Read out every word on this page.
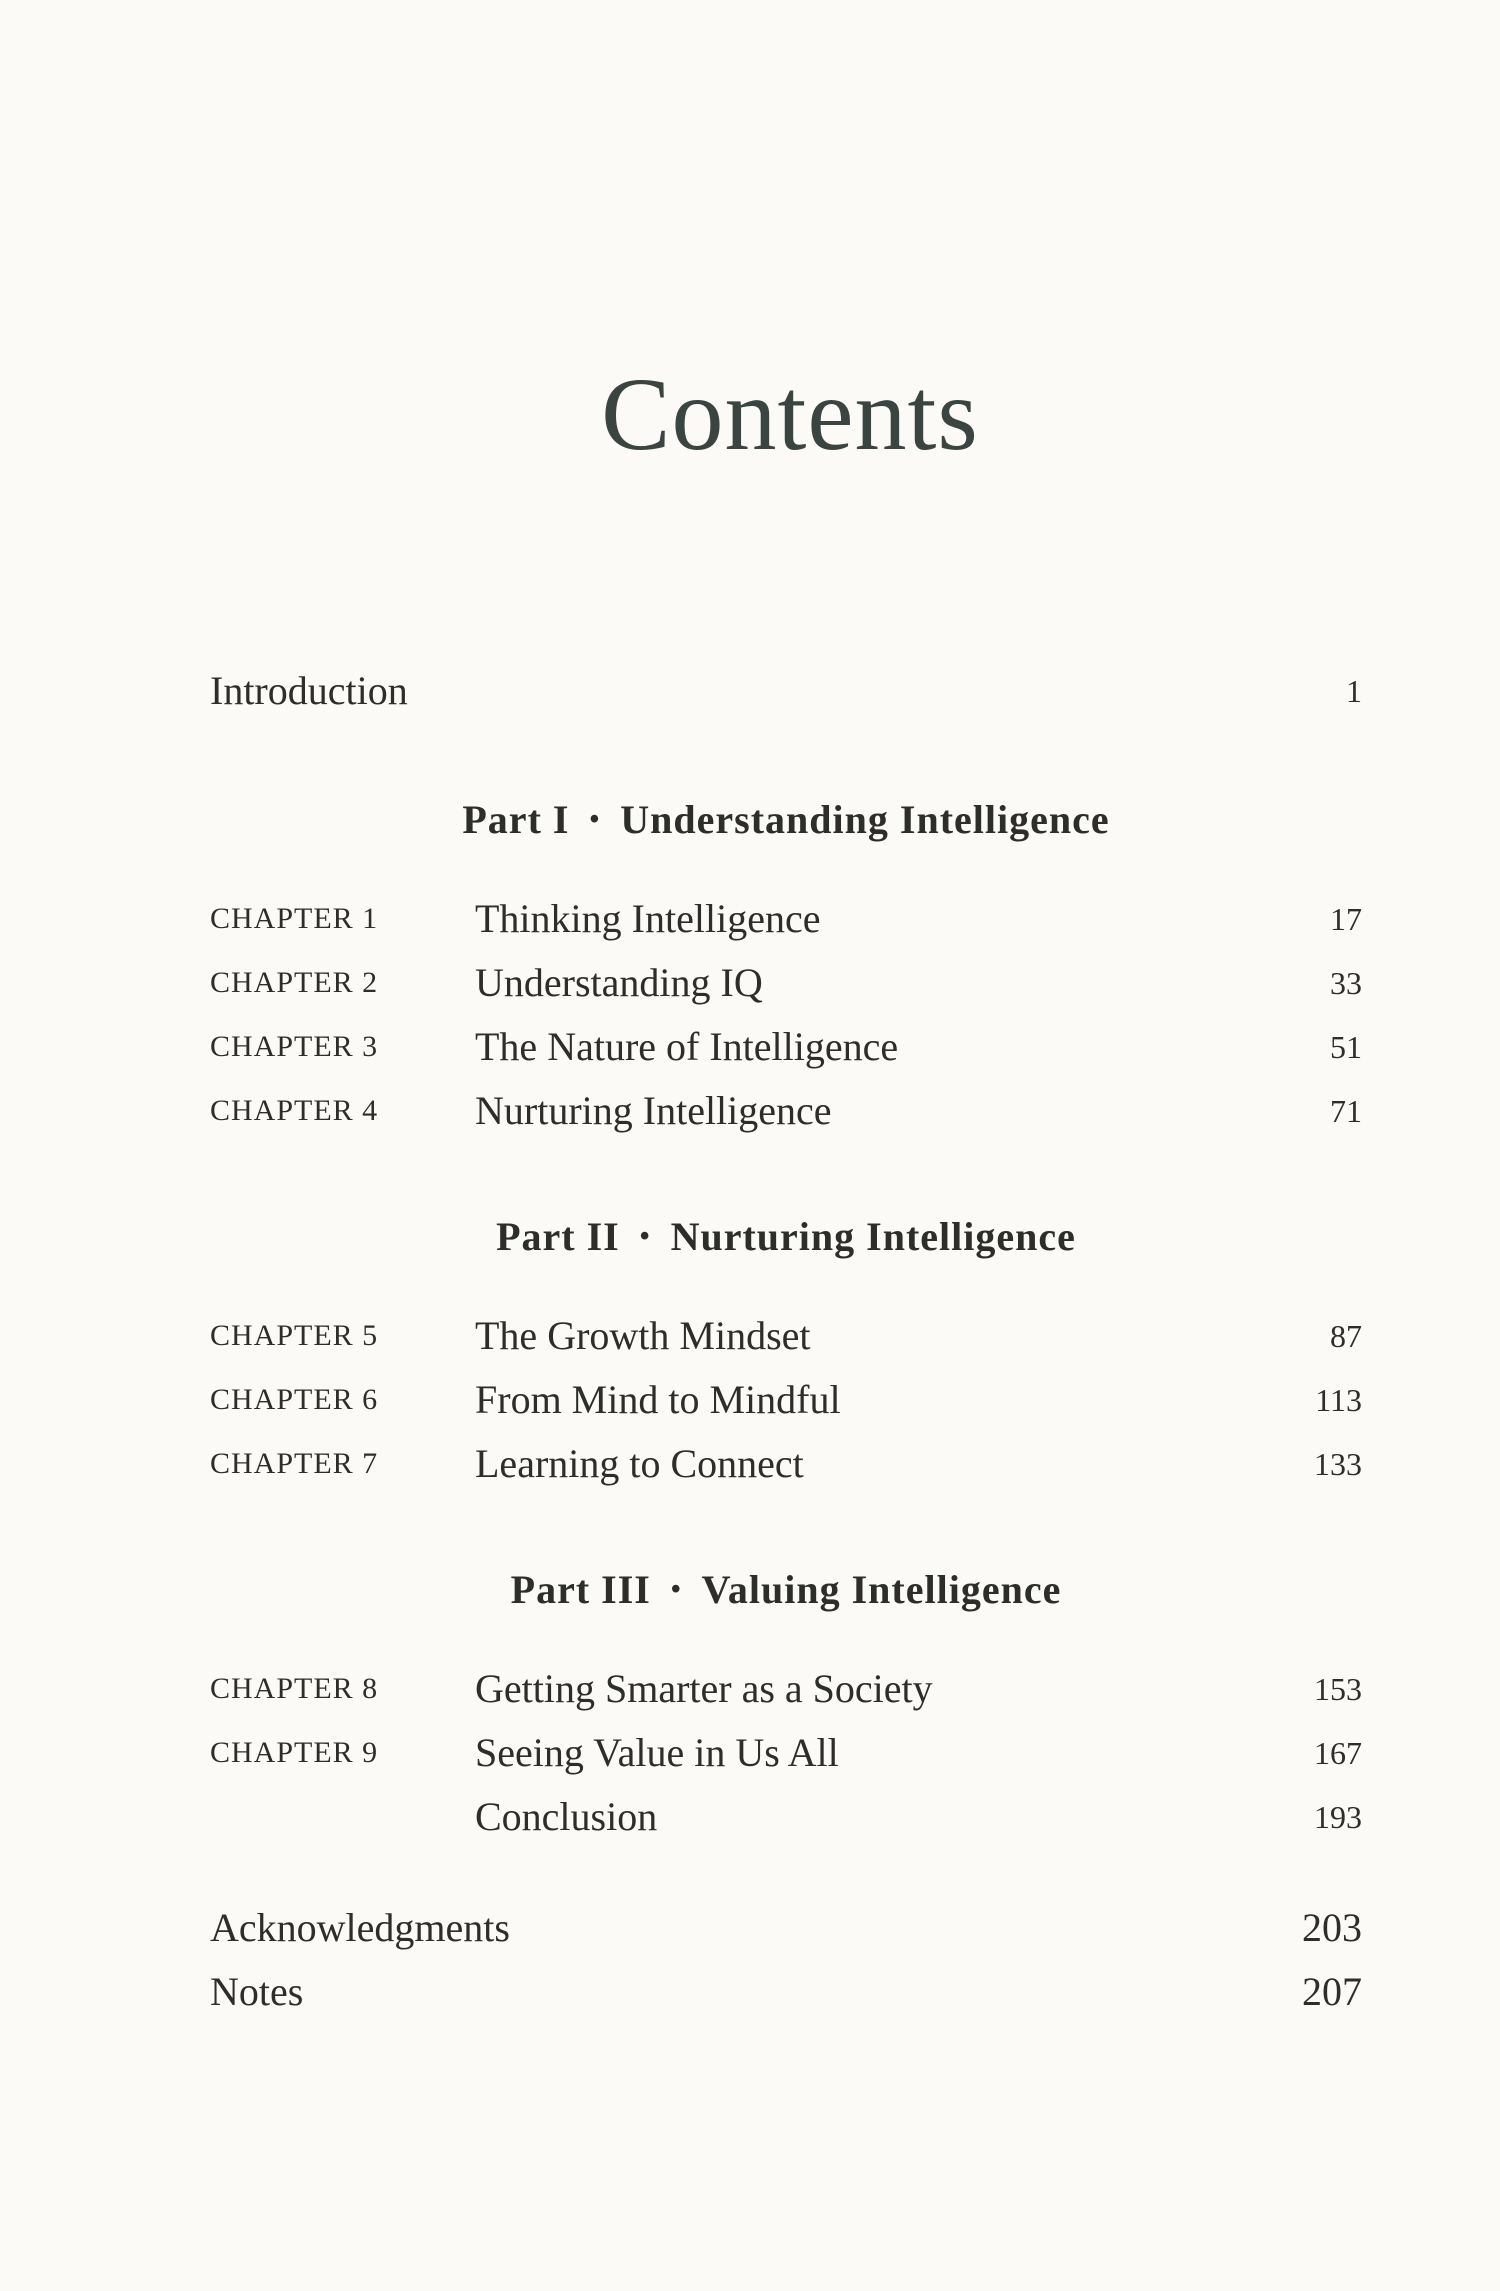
Contents
Introduction	1
Part I • Understanding Intelligence
CHAPTER 1 Thinking Intelligence	17
CHAPTER 2 Understanding IQ	33
CHAPTER 3 The Nature of Intelligence	51
CHAPTER 4 Nurturing Intelligence	71
Part II • Nurturing Intelligence
CHAPTER 5 The Growth Mindset	87
CHAPTER 6 From Mind to Mindful	113
CHAPTER 7 Learning to Connect	133
Part III • Valuing Intelligence
CHAPTER 8 Getting Smarter as a Society	153
CHAPTER 9 Seeing Value in Us All	167
Conclusion	193
Acknowledgments	203
Notes	207
